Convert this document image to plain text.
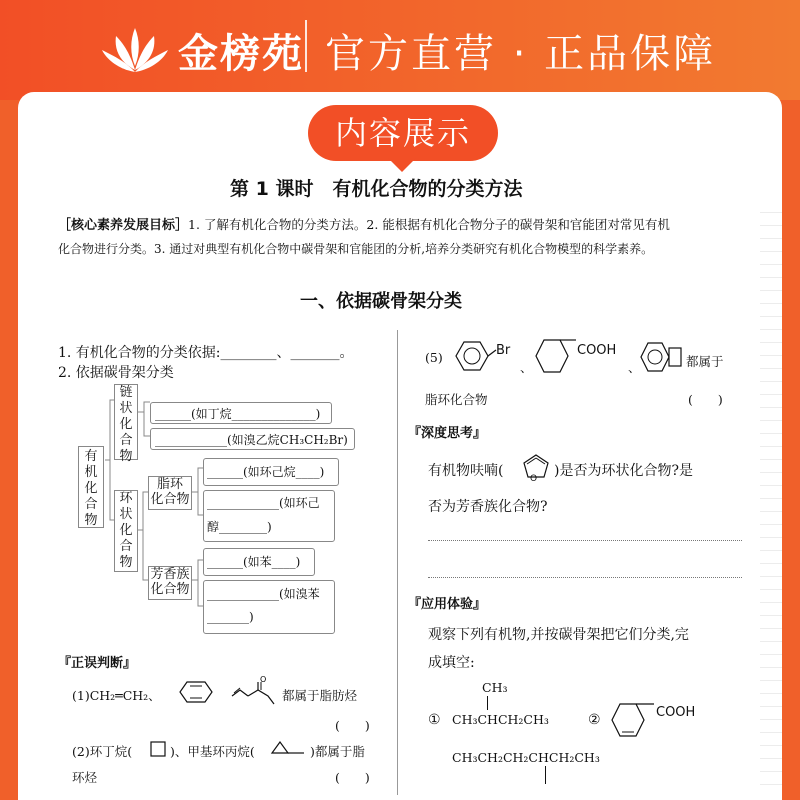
金榜苑 官方直营 · 正品保障
内容展示
第 1 课时　有机化合物的分类方法
［核心素养发展目标］1. 了解有机化合物的分类方法。2. 能根据有机化合物分子的碳骨架和官能团对常见有机
化合物进行分类。3. 通过对典型有机化合物中碳骨架和官能团的分析,培养分类研究有机化合物模型的科学素养。
一、依据碳骨架分类
1. 有机化合物的分类依据:________、_______。
2. 依据碳骨架分类
有
机
化
合
物
链
状
化
合
物
环
状
化
合
物
脂环
化合物
芳香族
化合物
______(如丁烷______________)
____________(如溴乙烷CH₃CH₂Br)
______(如环己烷____)
____________(如环己
醇________)
______(如苯____)
____________(如溴苯
_______)
『正误判断』
(1)CH₂═CH₂、
O
都属于脂肪烃
(　　)
(2)环丁烷(	)、甲基环丙烷(	)都属于脂
环烃	(　　)
(5)	Br
、
COOH
、	都属于
脂环化合物	(　　)
『深度思考』
有机物呋喃(	O )是否为环状化合物?是
否为芳香族化合物?
『应用体验』
观察下列有机物,并按碳骨架把它们分类,完
成填空:
CH₃
① CH₃CHCH₂CH₃	②	COOH
CH₃CH₂CH₂CHCH₂CH₃
